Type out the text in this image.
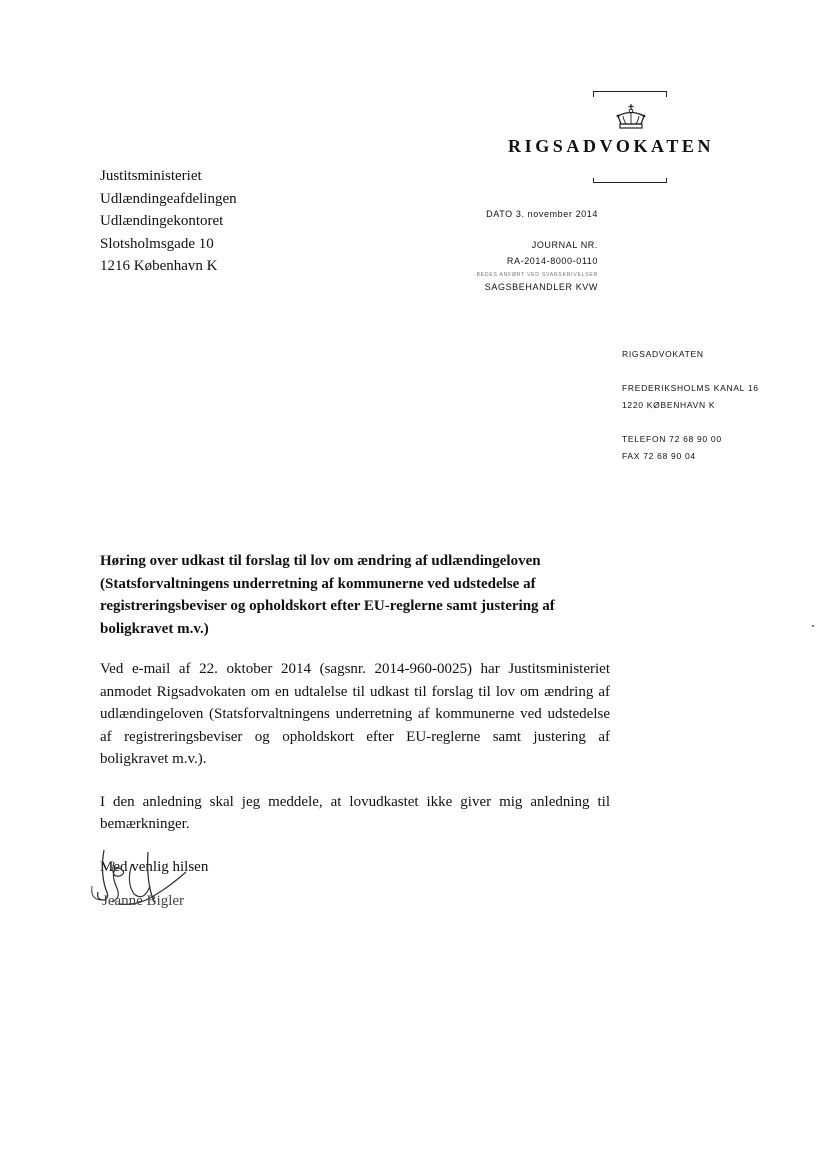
RIGSADVOKATEN
Justitsministeriet
Udlændingeafdelingen
Udlændingekontoret
Slotsholmsgade 10
1216 København K
DATO 3. november 2014
JOURNAL NR.
RA-2014-8000-0110
BEDES ANFØRT VED SVARSKRIVELSER
SAGSBEHANDLER KVW
RIGSADVOKATEN
FREDERIKSHOLMS KANAL 16
1220 KØBENHAVN K
TELEFON 72 68 90 00
FAX 72 68 90 04

Høring over udkast til forslag til lov om ændring af udlændingeloven (Statsforvaltningens underretning af kommunerne ved udstedelse af registreringsbeviser og opholdskort efter EU-reglerne samt justering af boligkravet m.v.)

Ved e-mail af 22. oktober 2014 (sagsnr. 2014-960-0025) har Justitsministeriet anmodet Rigsadvokaten om en udtalelse til udkast til forslag til lov om ændring af udlændingeloven (Statsforvaltningens underretning af kommunerne ved udstedelse af registreringsbeviser og opholdskort efter EU-reglerne samt justering af boligkravet m.v.).

I den anledning skal jeg meddele, at lovudkastet ikke giver mig anledning til bemærkninger.

Med venlig hilsen

Jeanne Bigler
